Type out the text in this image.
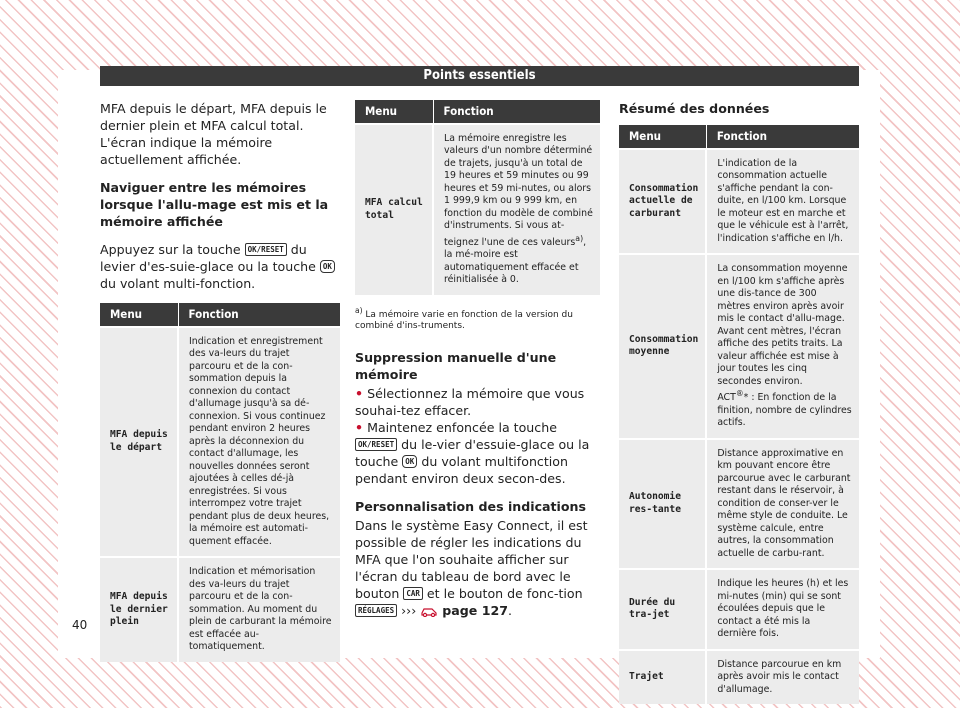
Points essentiels

MFA depuis le départ, MFA depuis le dernier plein et MFA calcul total. L'écran indique la mémoire actuellement affichée.

Naviguer entre les mémoires lorsque l'allu-mage est mis et la mémoire affichée

Appuyez sur la touche OK/RESET du levier d'es-suie-glace ou la touche OK du volant multi-fonction.

Menu	Fonction
MFA depuis le départ	Indication et enregistrement des va-leurs du trajet parcouru et de la con-sommation depuis la connexion du contact d'allumage jusqu'à sa dé-connexion. Si vous continuez pendant environ 2 heures après la déconnexion du contact d'allumage, les nouvelles données seront ajoutées à celles dé-jà enregistrées. Si vous interrompez votre trajet pendant plus de deux heures, la mémoire est automati-quement effacée.
MFA depuis le dernier plein	Indication et mémorisation des va-leurs du trajet parcouru et de la con-sommation. Au moment du plein de carburant la mémoire est effacée au-tomatiquement.
Menu	Fonction
MFA calcul total	La mémoire enregistre les valeurs d'un nombre déterminé de trajets, jusqu'à un total de 19 heures et 59 minutes ou 99 heures et 59 mi-nutes, ou alors 1 999,9 km ou 9 999 km, en fonction du modèle de combiné d'instruments. Si vous at-teignez l'une de ces valeurs$^{a)}$, la mé-moire est automatiquement effacée et réinitialisée à 0.

$^{a)}$ La mémoire varie en fonction de la version du combiné d'ins-truments.

Suppression manuelle d'une mémoire

• Sélectionnez la mémoire que vous souhai-tez effacer.

• Maintenez enfoncée la touche OK/RESET du le-vier d'essuie-glace ou la touche OK du volant multifonction pendant environ deux secon-des.

Personnalisation des indications

Dans le système Easy Connect, il est possible de régler les indications du MFA que l'on souhaite afficher sur l'écran du tableau de bord avec le bouton CAR et le bouton de fonc-tion RÉGLAGES ››› page 127.

Résumé des données

Menu	Fonction
Consommation actuelle de carburant	L'indication de la consommation actuelle s'affiche pendant la con-duite, en l/100 km. Lorsque le moteur est en marche et que le véhicule est à l'arrêt, l'indication s'affiche en l/h.
Consommation moyenne	La consommation moyenne en l/100 km s'affiche après une dis-tance de 300 mètres environ après avoir mis le contact d'allu-mage. Avant cent mètres, l'écran affiche des petits traits. La valeur affichée est mise à jour toutes les cinq secondes environ.
ACT®* : En fonction de la finition, nombre de cylindres actifs.
Autonomie res-tante	Distance approximative en km pouvant encore être parcourue avec le carburant restant dans le réservoir, à condition de conser-ver le même style de conduite. Le système calcule, entre autres, la consommation actuelle de carbu-rant.
Durée du tra-jet	Indique les heures (h) et les mi-nutes (min) qui se sont écoulées depuis que le contact a été mis la dernière fois.
Trajet	Distance parcourue en km après avoir mis le contact d'allumage.
40
